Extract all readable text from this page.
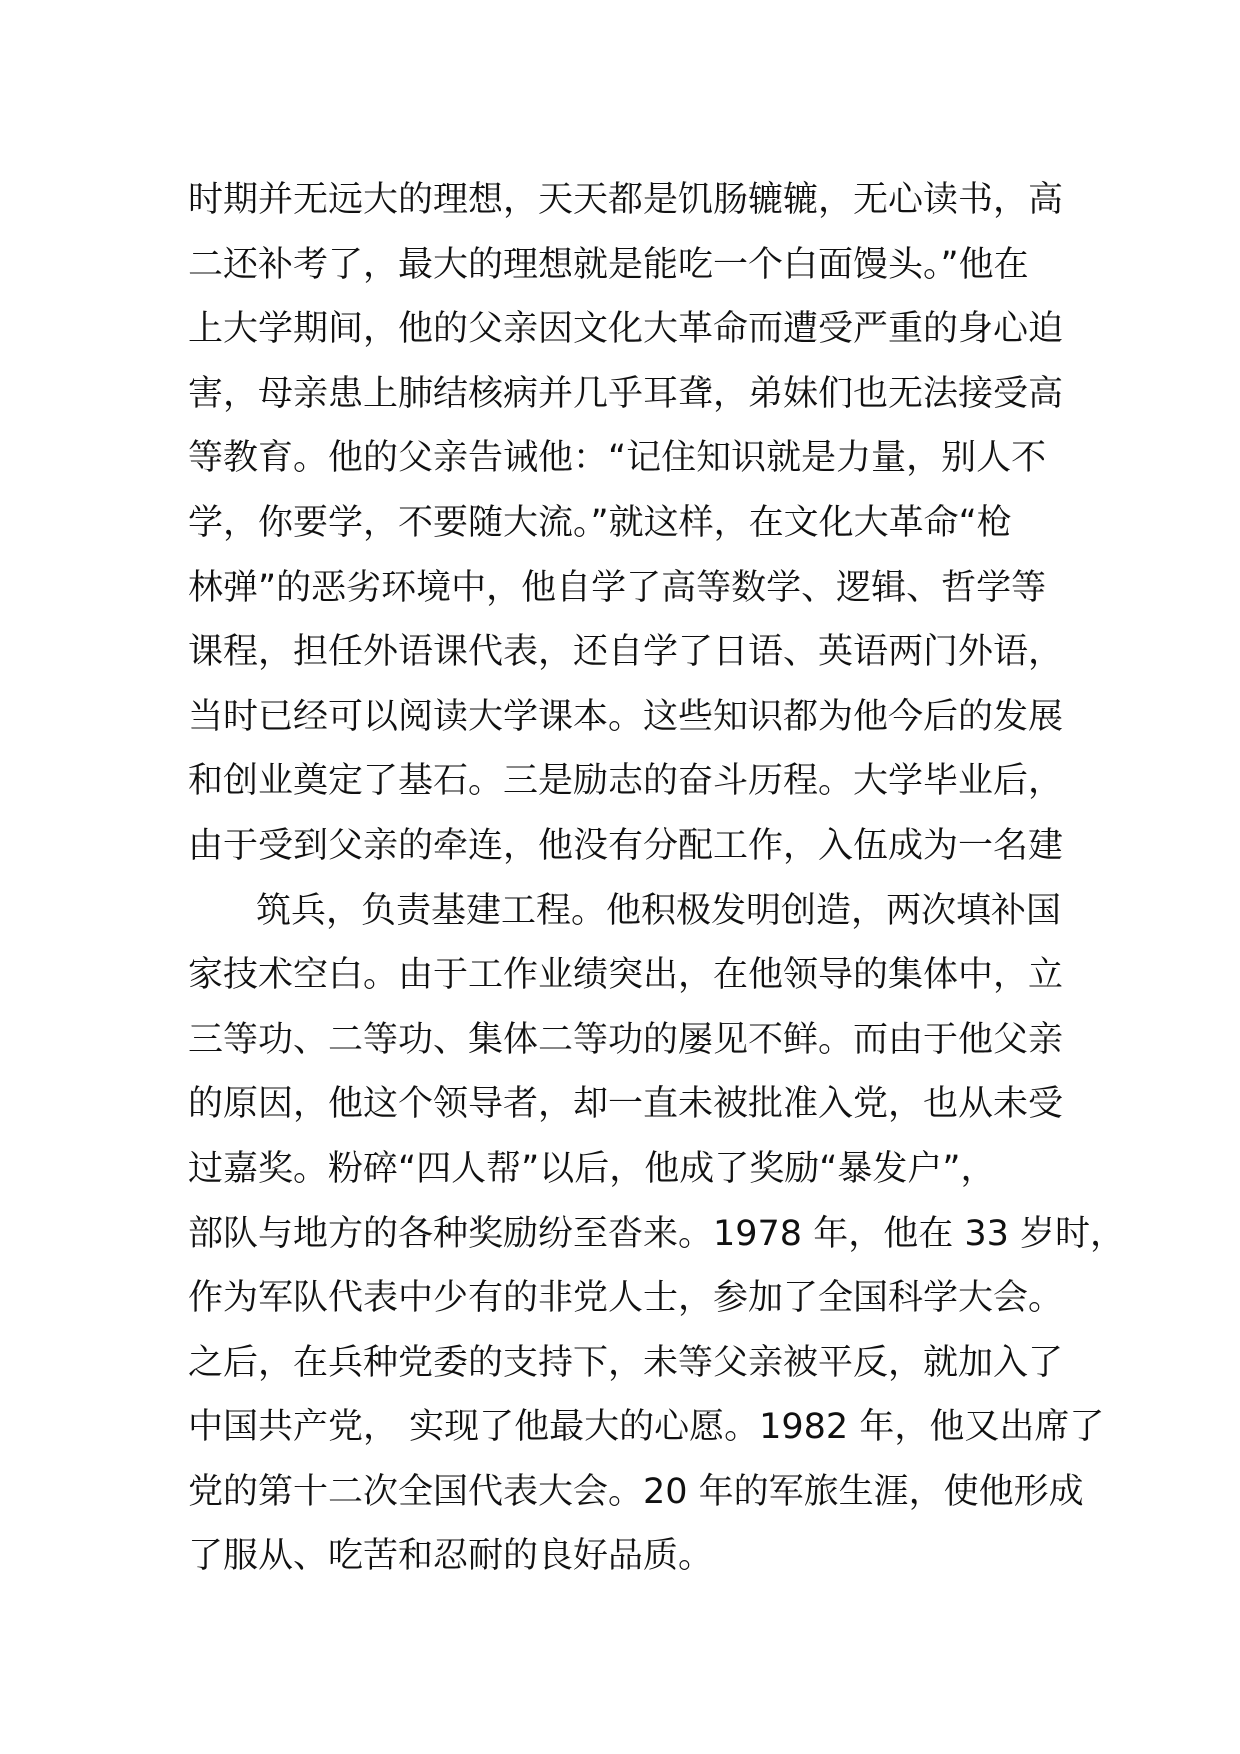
时期并无远大的理想，天天都是饥肠辘辘，无心读书，高
二还补考了，最大的理想就是能吃一个白面馒头。”他在
上大学期间，他的父亲因文化大革命而遭受严重的身心迫
害，母亲患上肺结核病并几乎耳聋，弟妹们也无法接受高
等教育。他的父亲告诫他：“记住知识就是力量，别人不
学，你要学，不要随大流。”就这样，在文化大革命“枪
林弹”的恶劣环境中，他自学了高等数学、逻辑、哲学等
课程，担任外语课代表，还自学了日语、英语两门外语，
当时已经可以阅读大学课本。这些知识都为他今后的发展
和创业奠定了基石。三是励志的奋斗历程。大学毕业后，
由于受到父亲的牵连，他没有分配工作，入伍成为一名建
筑兵，负责基建工程。他积极发明创造，两次填补国
家技术空白。由于工作业绩突出，在他领导的集体中，立
三等功、二等功、集体二等功的屡见不鲜。而由于他父亲
的原因，他这个领导者，却一直未被批准入党，也从未受
过嘉奖。粉碎“四人帮”以后，他成了奖励“暴发户”，
部队与地方的各种奖励纷至沓来。1978 年，他在 33 岁时，
作为军队代表中少有的非党人士，参加了全国科学大会。
之后，在兵种党委的支持下，未等父亲被平反，就加入了
中国共产党， 实现了他最大的心愿。1982 年，他又出席了
党的第十二次全国代表大会。20 年的军旅生涯，使他形成
了服从、吃苦和忍耐的良好品质。
